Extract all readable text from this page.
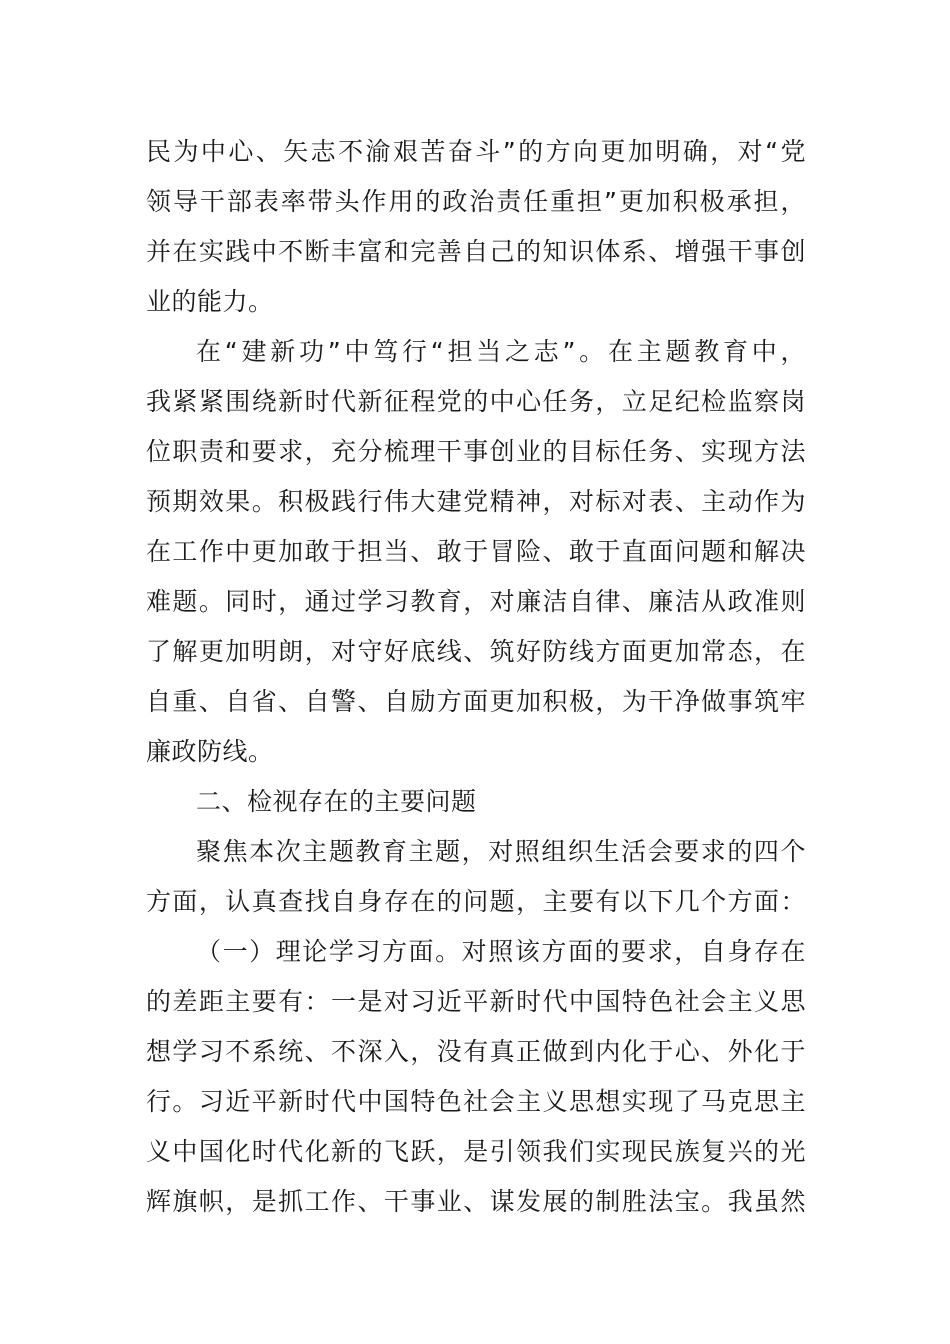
民为中心、矢志不渝艰苦奋斗”的方向更加明确，对“党
领导干部表率带头作用的政治责任重担”更加积极承担，
并在实践中不断丰富和完善自己的知识体系、增强干事创
业的能力。
在“建新功”中笃行“担当之志”。在主题教育中，
我紧紧围绕新时代新征程党的中心任务，立足纪检监察岗
位职责和要求，充分梳理干事创业的目标任务、实现方法
预期效果。积极践行伟大建党精神，对标对表、主动作为
在工作中更加敢于担当、敢于冒险、敢于直面问题和解决
难题。同时，通过学习教育，对廉洁自律、廉洁从政准则
了解更加明朗，对守好底线、筑好防线方面更加常态，在
自重、自省、自警、自励方面更加积极，为干净做事筑牢
廉政防线。
二、检视存在的主要问题
聚焦本次主题教育主题，对照组织生活会要求的四个
方面，认真查找自身存在的问题，主要有以下几个方面：
（一）理论学习方面。对照该方面的要求，自身存在
的差距主要有：一是对习近平新时代中国特色社会主义思
想学习不系统、不深入，没有真正做到内化于心、外化于
行。习近平新时代中国特色社会主义思想实现了马克思主
义中国化时代化新的飞跃，是引领我们实现民族复兴的光
辉旗帜，是抓工作、干事业、谋发展的制胜法宝。我虽然
